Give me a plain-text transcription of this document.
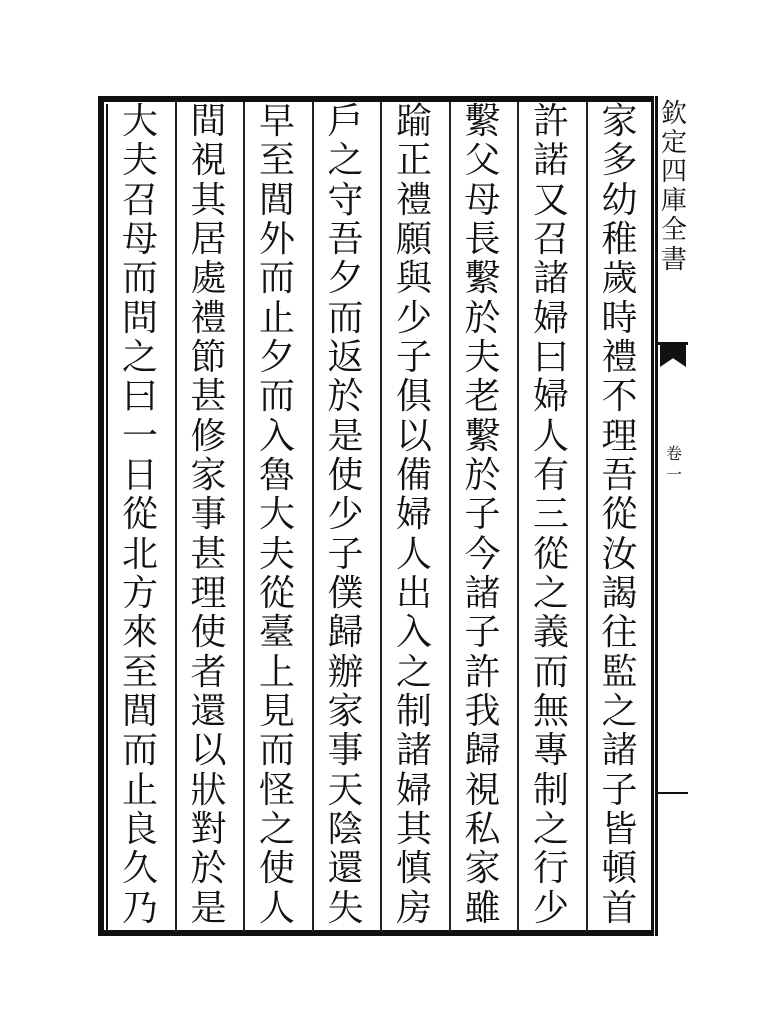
家
多
幼
稚
歲
時
禮
不
理
吾
從
汝
謁
往
監
之
諸
子
皆
頓
首
許
諾
又
召
諸
婦
曰
婦
人
有
三
從
之
義
而
無
專
制
之
行
少
繫
父
母
長
繫
於
夫
老
繫
於
子
今
諸
子
許
我
歸
視
私
家
雖
踰
正
禮
願
與
少
子
俱
以
備
婦
人
出
入
之
制
諸
婦
其
慎
房
戶
之
守
吾
夕
而
返
於
是
使
少
子
僕
歸
辦
家
事
天
陰
還
失
早
至
閭
外
而
止
夕
而
入
魯
大
夫
從
臺
上
見
而
怪
之
使
人
間
視
其
居
處
禮
節
甚
修
家
事
甚
理
使
者
還
以
狀
對
於
是
大
夫
召
母
而
問
之
曰
一
日
從
北
方
來
至
閭
而
止
良
久
乃
欽
定
四
庫
全
書
卷
一
